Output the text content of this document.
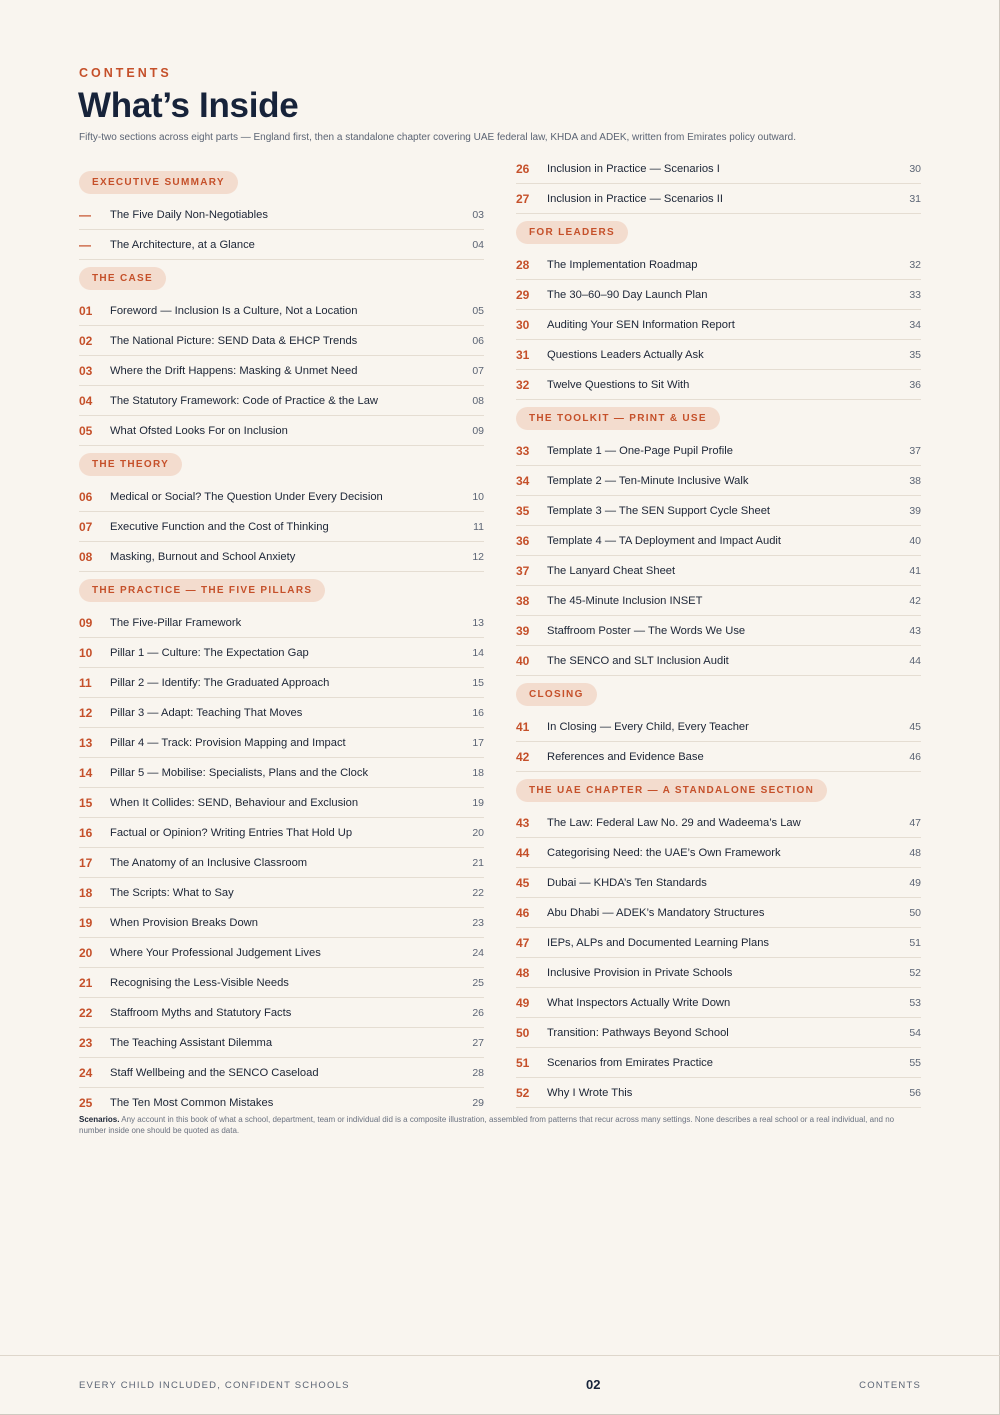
CONTENTS
What’s Inside
Fifty-two sections across eight parts — England first, then a standalone chapter covering UAE federal law, KHDA and ADEK, written from Emirates policy outward.
EXECUTIVE SUMMARY
—	The Five Daily Non-Negotiables	03
—	The Architecture, at a Glance	04
THE CASE
01	Foreword — Inclusion Is a Culture, Not a Location	05
02	The National Picture: SEND Data & EHCP Trends	06
03	Where the Drift Happens: Masking & Unmet Need	07
04	The Statutory Framework: Code of Practice & the Law	08
05	What Ofsted Looks For on Inclusion	09
THE THEORY
06	Medical or Social? The Question Under Every Decision	10
07	Executive Function and the Cost of Thinking	11
08	Masking, Burnout and School Anxiety	12
THE PRACTICE — THE FIVE PILLARS
09	The Five-Pillar Framework	13
10	Pillar 1 — Culture: The Expectation Gap	14
11	Pillar 2 — Identify: The Graduated Approach	15
12	Pillar 3 — Adapt: Teaching That Moves	16
13	Pillar 4 — Track: Provision Mapping and Impact	17
14	Pillar 5 — Mobilise: Specialists, Plans and the Clock	18
15	When It Collides: SEND, Behaviour and Exclusion	19
16	Factual or Opinion? Writing Entries That Hold Up	20
17	The Anatomy of an Inclusive Classroom	21
18	The Scripts: What to Say	22
19	When Provision Breaks Down	23
20	Where Your Professional Judgement Lives	24
21	Recognising the Less-Visible Needs	25
22	Staffroom Myths and Statutory Facts	26
23	The Teaching Assistant Dilemma	27
24	Staff Wellbeing and the SENCO Caseload	28
25	The Ten Most Common Mistakes	29
26	Inclusion in Practice — Scenarios I	30
27	Inclusion in Practice — Scenarios II	31
FOR LEADERS
28	The Implementation Roadmap	32
29	The 30–60–90 Day Launch Plan	33
30	Auditing Your SEN Information Report	34
31	Questions Leaders Actually Ask	35
32	Twelve Questions to Sit With	36
THE TOOLKIT — PRINT & USE
33	Template 1 — One-Page Pupil Profile	37
34	Template 2 — Ten-Minute Inclusive Walk	38
35	Template 3 — The SEN Support Cycle Sheet	39
36	Template 4 — TA Deployment and Impact Audit	40
37	The Lanyard Cheat Sheet	41
38	The 45-Minute Inclusion INSET	42
39	Staffroom Poster — The Words We Use	43
40	The SENCO and SLT Inclusion Audit	44
CLOSING
41	In Closing — Every Child, Every Teacher	45
42	References and Evidence Base	46
THE UAE CHAPTER — A STANDALONE SECTION
43	The Law: Federal Law No. 29 and Wadeema’s Law	47
44	Categorising Need: the UAE’s Own Framework	48
45	Dubai — KHDA’s Ten Standards	49
46	Abu Dhabi — ADEK’s Mandatory Structures	50
47	IEPs, ALPs and Documented Learning Plans	51
48	Inclusive Provision in Private Schools	52
49	What Inspectors Actually Write Down	53
50	Transition: Pathways Beyond School	54
51	Scenarios from Emirates Practice	55
52	Why I Wrote This	56
Scenarios. Any account in this book of what a school, department, team or individual did is a composite illustration, assembled from patterns that recur across many settings. None describes a real school or a real individual, and no number inside one should be quoted as data.
EVERY CHILD INCLUDED, CONFIDENT SCHOOLS	02	CONTENTS
